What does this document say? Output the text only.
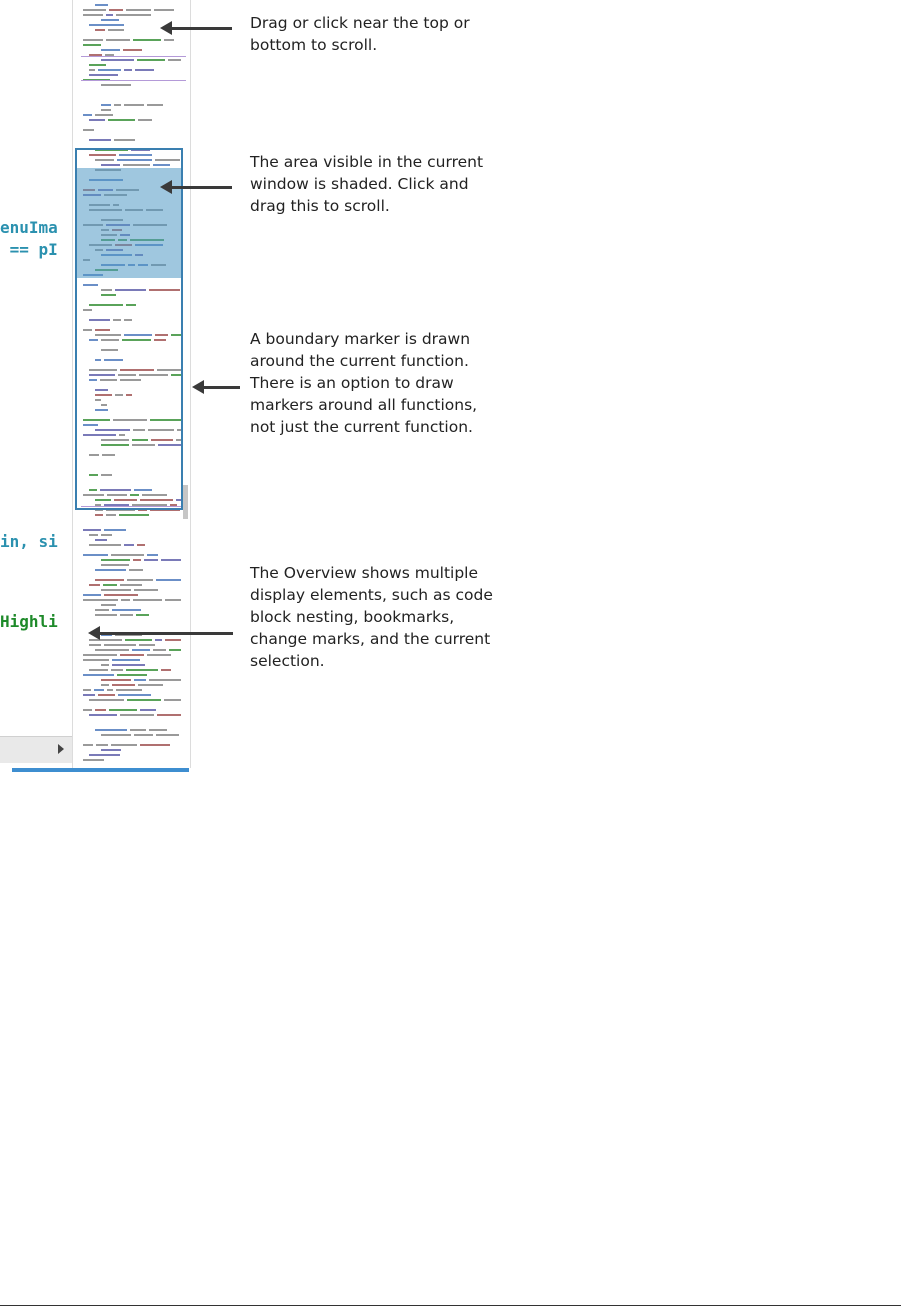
enuIma
== pI
in, si
Highli
Drag or click near the top or
bottom to scroll.
The area visible in the current
window is shaded. Click and
drag this to scroll.
A boundary marker is drawn
around the current function.
There is an option to draw
markers around all functions,
not just the current function.
The Overview shows multiple
display elements, such as code
block nesting, bookmarks,
change marks, and the current
selection.
